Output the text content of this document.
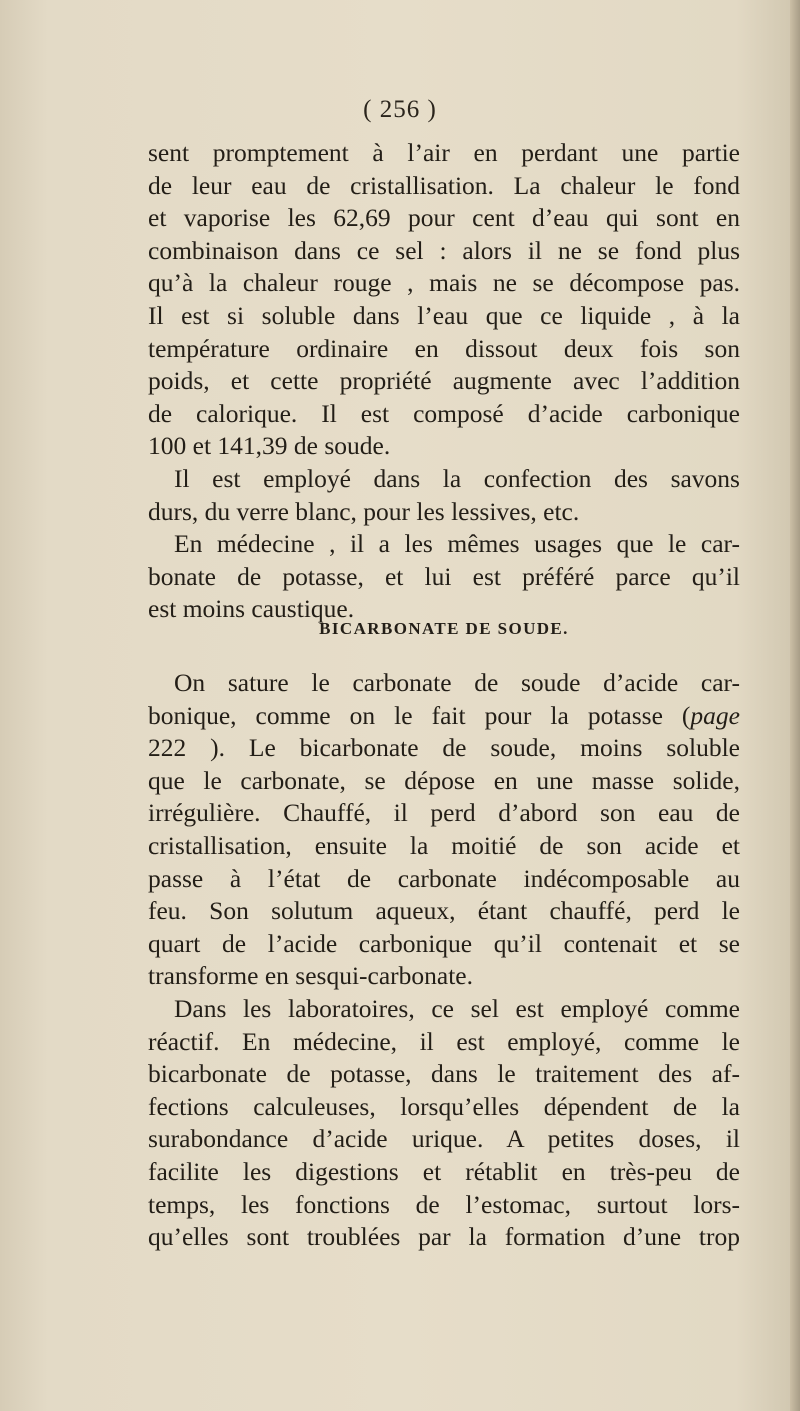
( 256 )
sent promptement à l’air en perdant une partie
de leur eau de cristallisation. La chaleur le fond
et vaporise les 62,69 pour cent d’eau qui sont en
combinaison dans ce sel : alors il ne se fond plus
qu’à la chaleur rouge , mais ne se décompose pas.
Il est si soluble dans l’eau que ce liquide , à la
température ordinaire en dissout deux fois son
poids, et cette propriété augmente avec l’addition
de calorique. Il est composé d’acide carbonique
100 et 141,39 de soude.
Il est employé dans la confection des savons
durs, du verre blanc, pour les lessives, etc.
En médecine , il a les mêmes usages que le car-
bonate de potasse, et lui est préféré parce qu’il
est moins caustique.
BICARBONATE DE SOUDE.
On sature le carbonate de soude d’acide car-
bonique, comme on le fait pour la potasse (page
222 ). Le bicarbonate de soude, moins soluble
que le carbonate, se dépose en une masse solide,
irrégulière. Chauffé, il perd d’abord son eau de
cristallisation, ensuite la moitié de son acide et
passe à l’état de carbonate indécomposable au
feu. Son solutum aqueux, étant chauffé, perd le
quart de l’acide carbonique qu’il contenait et se
transforme en sesqui-carbonate.
Dans les laboratoires, ce sel est employé comme
réactif. En médecine, il est employé, comme le
bicarbonate de potasse, dans le traitement des af-
fections calculeuses, lorsqu’elles dépendent de la
surabondance d’acide urique. A petites doses, il
facilite les digestions et rétablit en très-peu de
temps, les fonctions de l’estomac, surtout lors-
qu’elles sont troublées par la formation d’une trop
